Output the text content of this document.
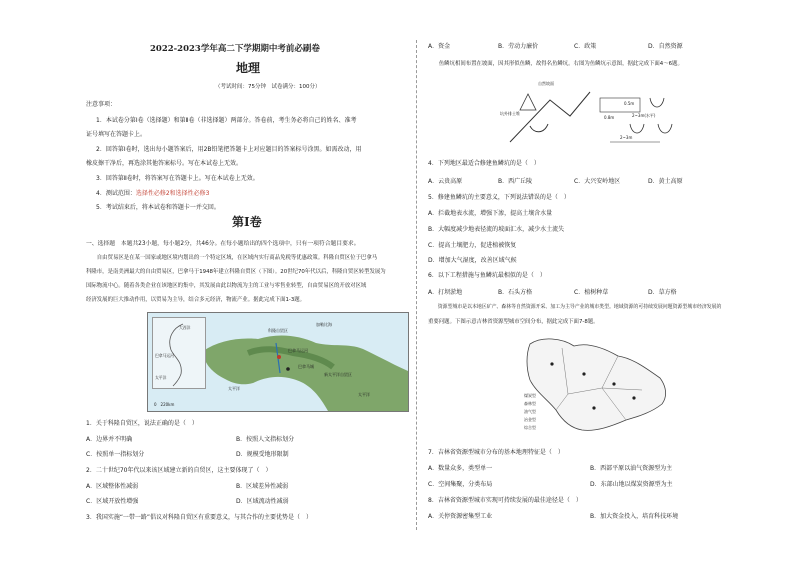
2022-2023学年高二下学期期中考前必刷卷
地理
（考试时间：75分钟　试卷满分：100分）
注意事项：
1．本试卷分第Ⅰ卷（选择题）和第Ⅱ卷（非选择题）两部分。答卷前，考生务必将自己的姓名、准考
证号填写在答题卡上。
2．回答第Ⅰ卷时，选出每小题答案后，用2B铅笔把答题卡上对应题目的答案标号涂黑。如需改动，用
橡皮擦干净后，再选涂其他答案标号。写在本试卷上无效。
3．回答第Ⅱ卷时，将答案写在答题卡上。写在本试卷上无效。
4．测试范围：选择性必修2和选择性必修3
5．考试结束后，将本试卷和答题卡一并交回。
第Ⅰ卷
一、选择题　本题共23小题，每小题2分，共46分。在每小题给出的四个选项中，只有一项符合题目要求。
　　自由贸易区是在某一国家或地区境内划出的一个特定区域，在区域内实行商品免税等优惠政策。科隆自贸区位于巴拿马
科隆市，是南美洲最大的自由贸易区，巴拿马于1948年建立科隆自贸区（下图）。20世纪70年代以后，科隆自贸区转型发展为
国际物流中心。随着各类企业在该地区的集中，其发展由此以物流为主的工业与零售业转型，自由贸易区的开放对区域
经济发展的巨大推动作用，以贸易为主导，结合多元经济，物流产业。据此完成下面1-3题。
大西洋
巴拿马运河
太平洋
科隆自贸区
加勒比海
巴拿马运河
巴拿马城
太平洋
新太平洋自贸区
太平洋
0　220km
1．关于科隆自贸区，说法正确的是（　）
A．边界并不明确	B．按照人文指标划分
C．按照单一指标划分	D．规模受地形限制
2．二十世纪70年代以来该区域建立新的自贸区，这主要体现了（　）
A．区域整体性减弱	B．区域差异性减弱
C．区域开放性增强	D．区域流动性减弱
3．我国实施“一带一路”倡议对科隆自贸区有重要意义，与其合作的主要优势是（　）
A．资金	B．劳动力廉价	C．政策	D．自然资源
　　鱼鳞坑相间布置在坡面，因其形似鱼鳞，故得名鱼鳞坑。右图为鱼鳞坑示意图，据此完成下面4～6题。
自然坡面
坑外排土堆
0.5m
0.8m	2~3m(水平)
2~3m
4．下列地区最适合修建鱼鳞坑的是（　）
A．云贵高原	B．西广丘陵	C．大兴安岭地区	D．黄土高原
5．修建鱼鳞坑的主要意义，下列说法错误的是（　）
A．拦截地表水流，增强下渗，提高土壤含水量
B．大幅度减少地表径流的坡面汇水，减少水土流失
C．提高土壤肥力，促进植被恢复
D．增加大气湿度，改善区域气候
6．以下工程措施与鱼鳞坑最相似的是（　）
A．打坝淤地	B．石头方格	C．植树种草	D．草方格
　　资源型城市是以本地区矿产、森林等自然资源开采、加工为主导产业的城市类型。地域资源的可持续发展问题资源型城市经济发展的
重要问题。下图示意吉林省资源型城市空间分布，据此完成下面7-8题。
煤炭型
森林型
油气型
冶金型
综合型
7．吉林省资源型城市分布的基本地理特征是（　）
A．数量众多，类型单一	B．西部平原以油气资源型为主
C．空间集聚，分类布局	D．东部山地以煤炭资源型为主
8．吉林省资源型城市实现可持续发展的最佳途径是（　）
A．关停资源密集型工业	B．加大资金投入，培育科技环境
